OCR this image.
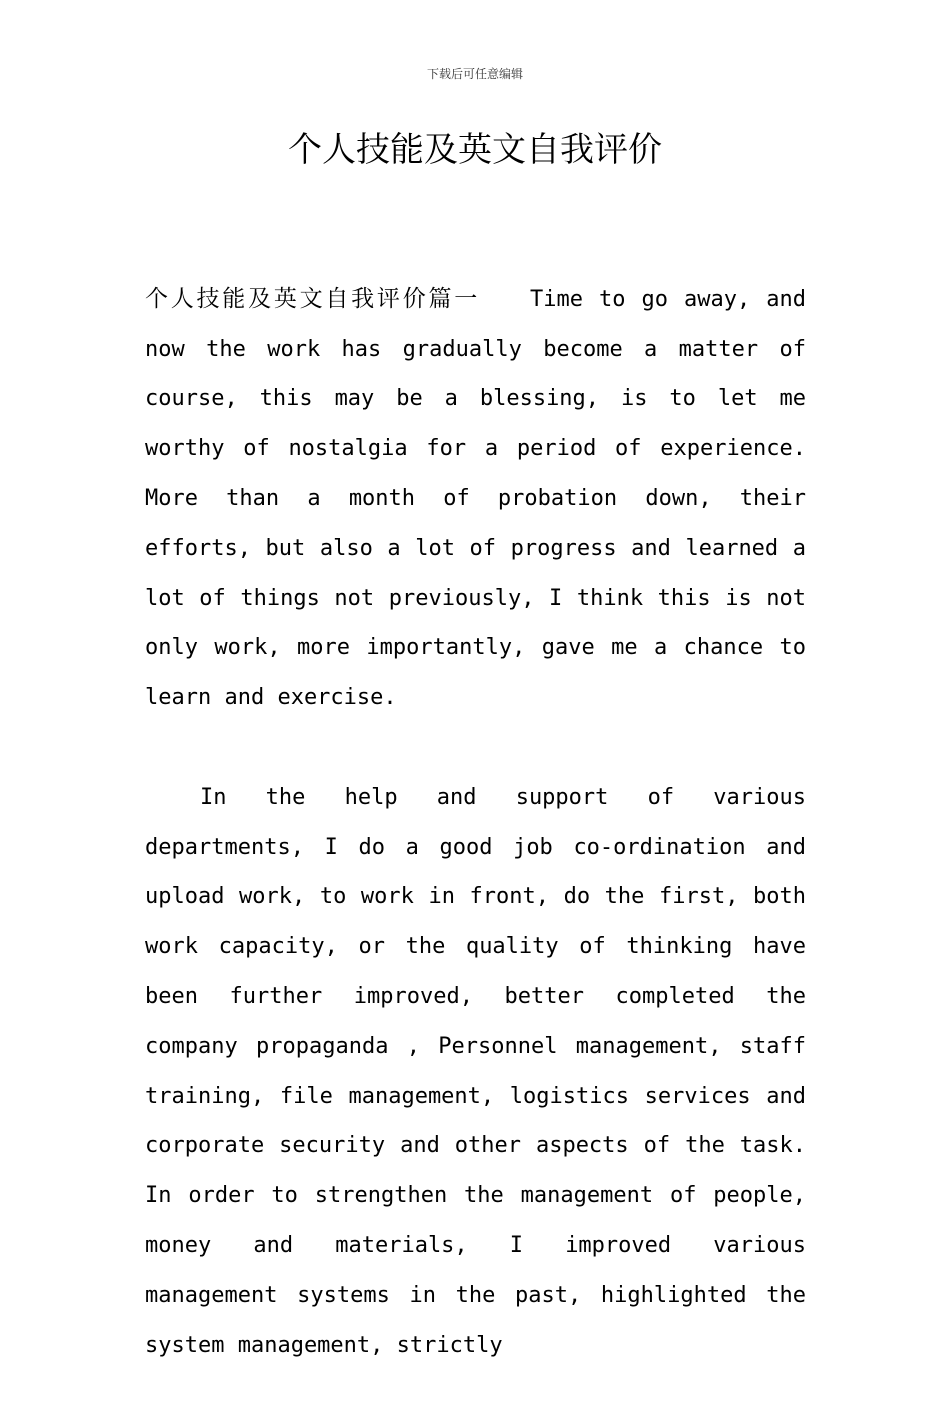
下载后可任意编辑
个人技能及英文自我评价

个人技能及英文自我评价篇一 Time to go away, and now the work has gradually become a matter of course, this may be a blessing, is to let me worthy of nostalgia for a period of experience. More than a month of probation down, their efforts, but also a lot of progress and learned a lot of things not previously, I think this is not only work, more importantly, gave me a chance to learn and exercise.

In the help and support of various departments, I do a good job co-ordination and upload work, to work in front, do the first, both work capacity, or the quality of thinking have been further improved, better completed the company propaganda , Personnel management, staff training, file management, logistics services and corporate security and other aspects of the task. In order to strengthen the management of people, money and materials, I improved various management systems in the past, highlighted the system management, strictly
